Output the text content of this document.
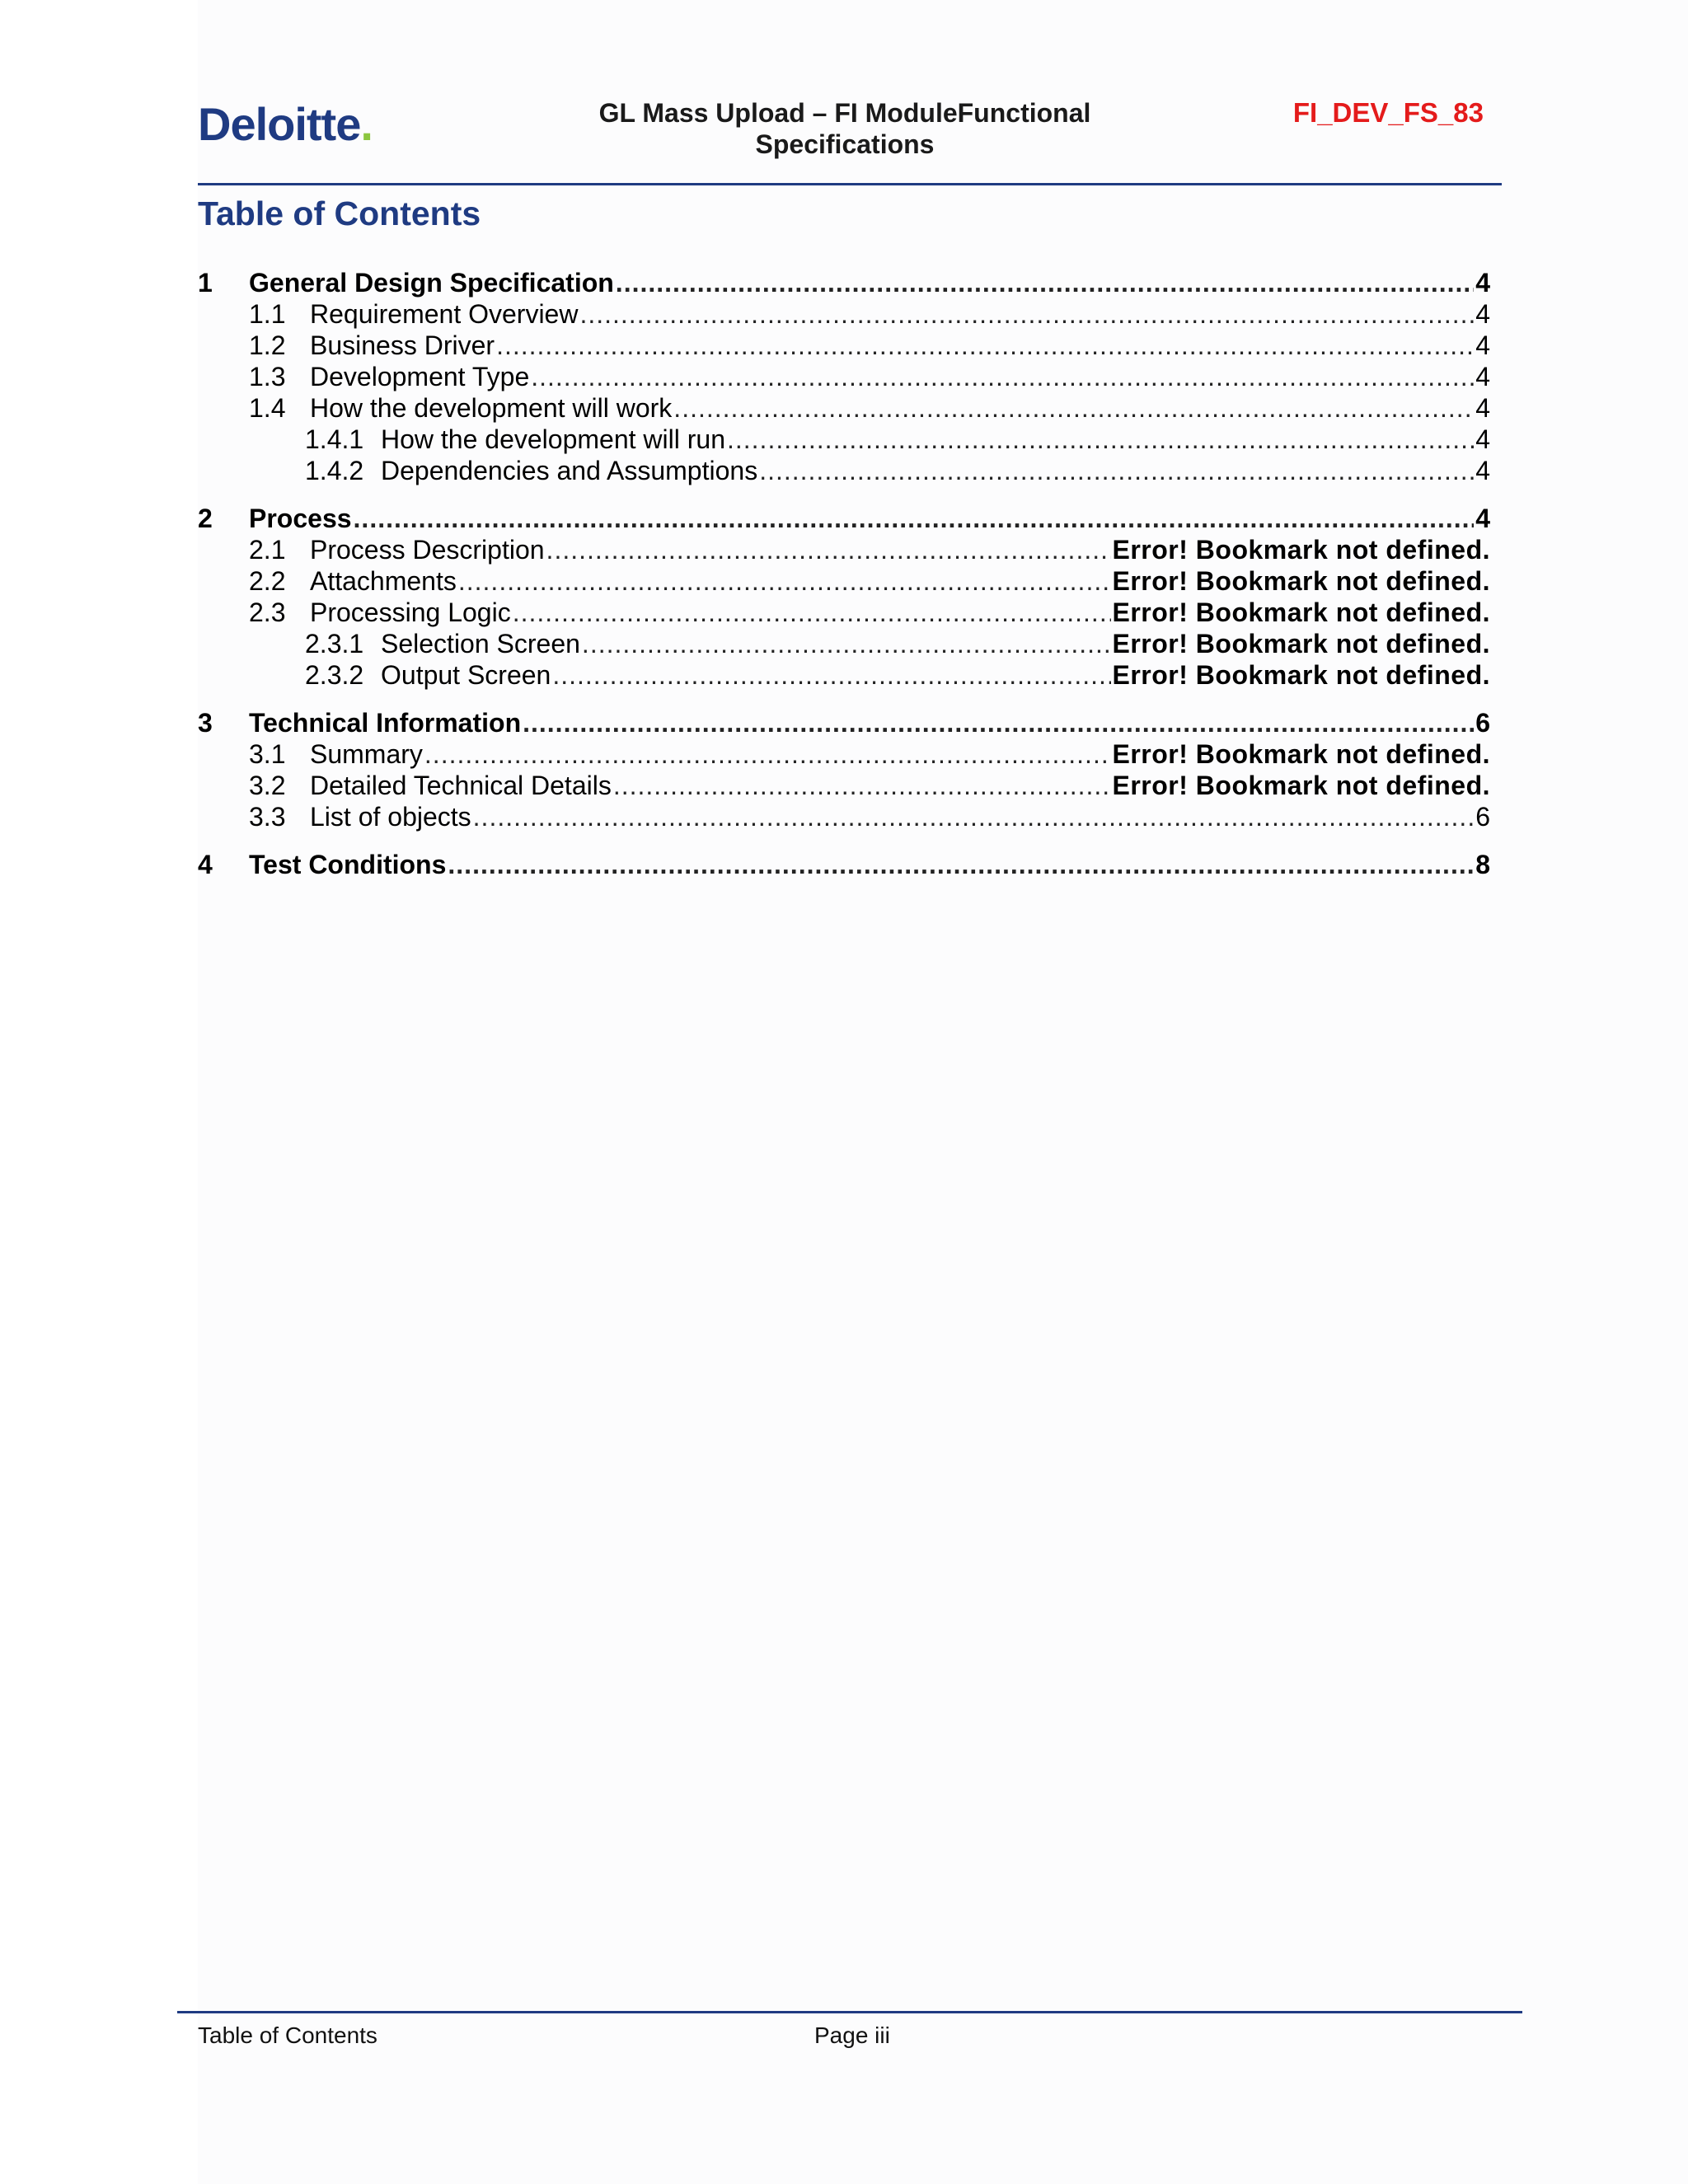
Deloitte.	GL Mass Upload – FI ModuleFunctional
Specifications
FI_DEV_FS_83
Table of Contents
1	General Design Specification .....	4
1.1 Requirement Overview .....	4
1.2 Business Driver .....	4
1.3 Development Type .....	4
1.4 How the development will work .....	4
1.4.1 How the development will run .....	4
1.4.2 Dependencies and Assumptions .....	4
2	Process .....	4
2.1 Process Description .....	Error! Bookmark not defined.
2.2 Attachments .....	Error! Bookmark not defined.
2.3 Processing Logic .....	Error! Bookmark not defined.
2.3.1 Selection Screen .....	Error! Bookmark not defined.
2.3.2 Output Screen .....	Error! Bookmark not defined.
3	Technical Information .....	6
3.1 Summary .....	Error! Bookmark not defined.
3.2 Detailed Technical Details .....	Error! Bookmark not defined.
3.3 List of objects .....	6
4	Test Conditions .....	8
Table of Contents	Page iii
